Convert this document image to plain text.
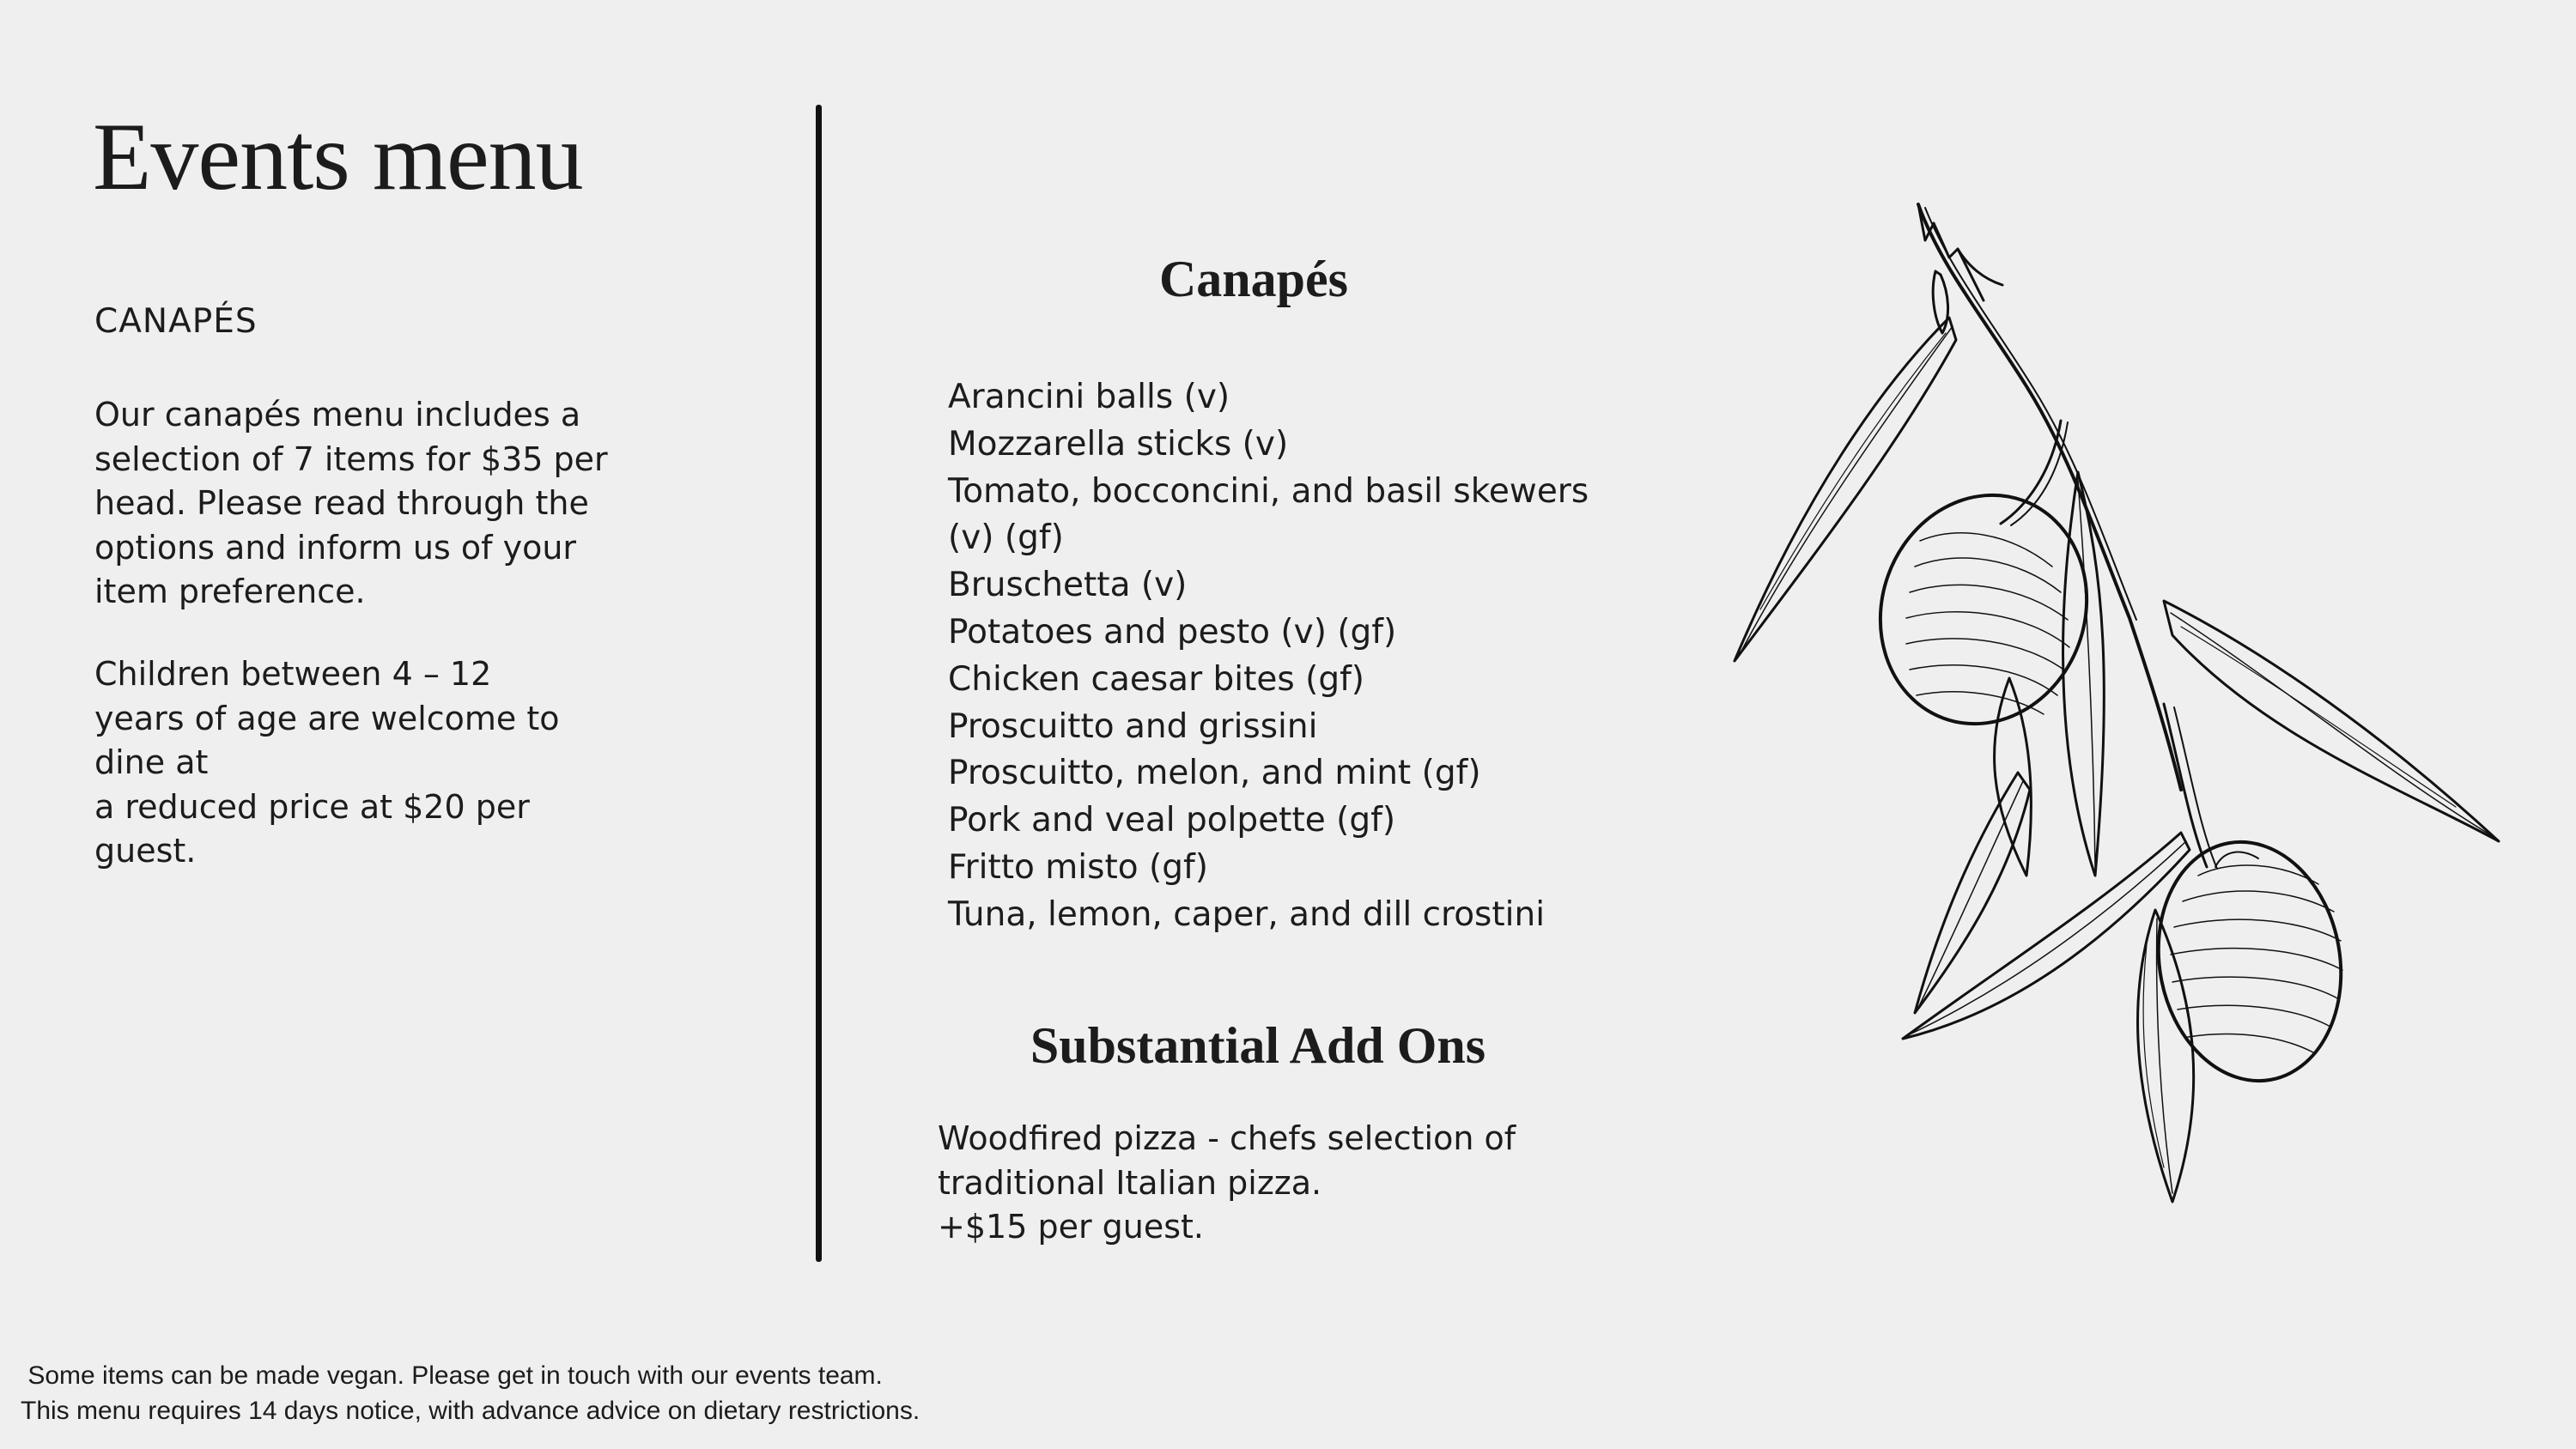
Events menu
CANAPÉS

Our canapés menu includes a selection of 7 items for $35 per head. Please read through the options and inform us of your item preference.

Children between 4 – 12
years of age are welcome to dine at
a reduced price at $20 per guest.

Canapés
Arancini balls (v)
Mozzarella sticks (v)
Tomato, bocconcini, and basil skewers (v) (gf)
Bruschetta (v)
Potatoes and pesto (v) (gf)
Chicken caesar bites (gf)
Proscuitto and grissini
Proscuitto, melon, and mint (gf)
Pork and veal polpette (gf)
Fritto misto (gf)
Tuna, lemon, caper, and dill crostini
Substantial Add Ons
Woodfired pizza - chefs selection of traditional Italian pizza.
+$15 per guest.
Some items can be made vegan. Please get in touch with our events team.
This menu requires 14 days notice, with advance advice on dietary restrictions.
